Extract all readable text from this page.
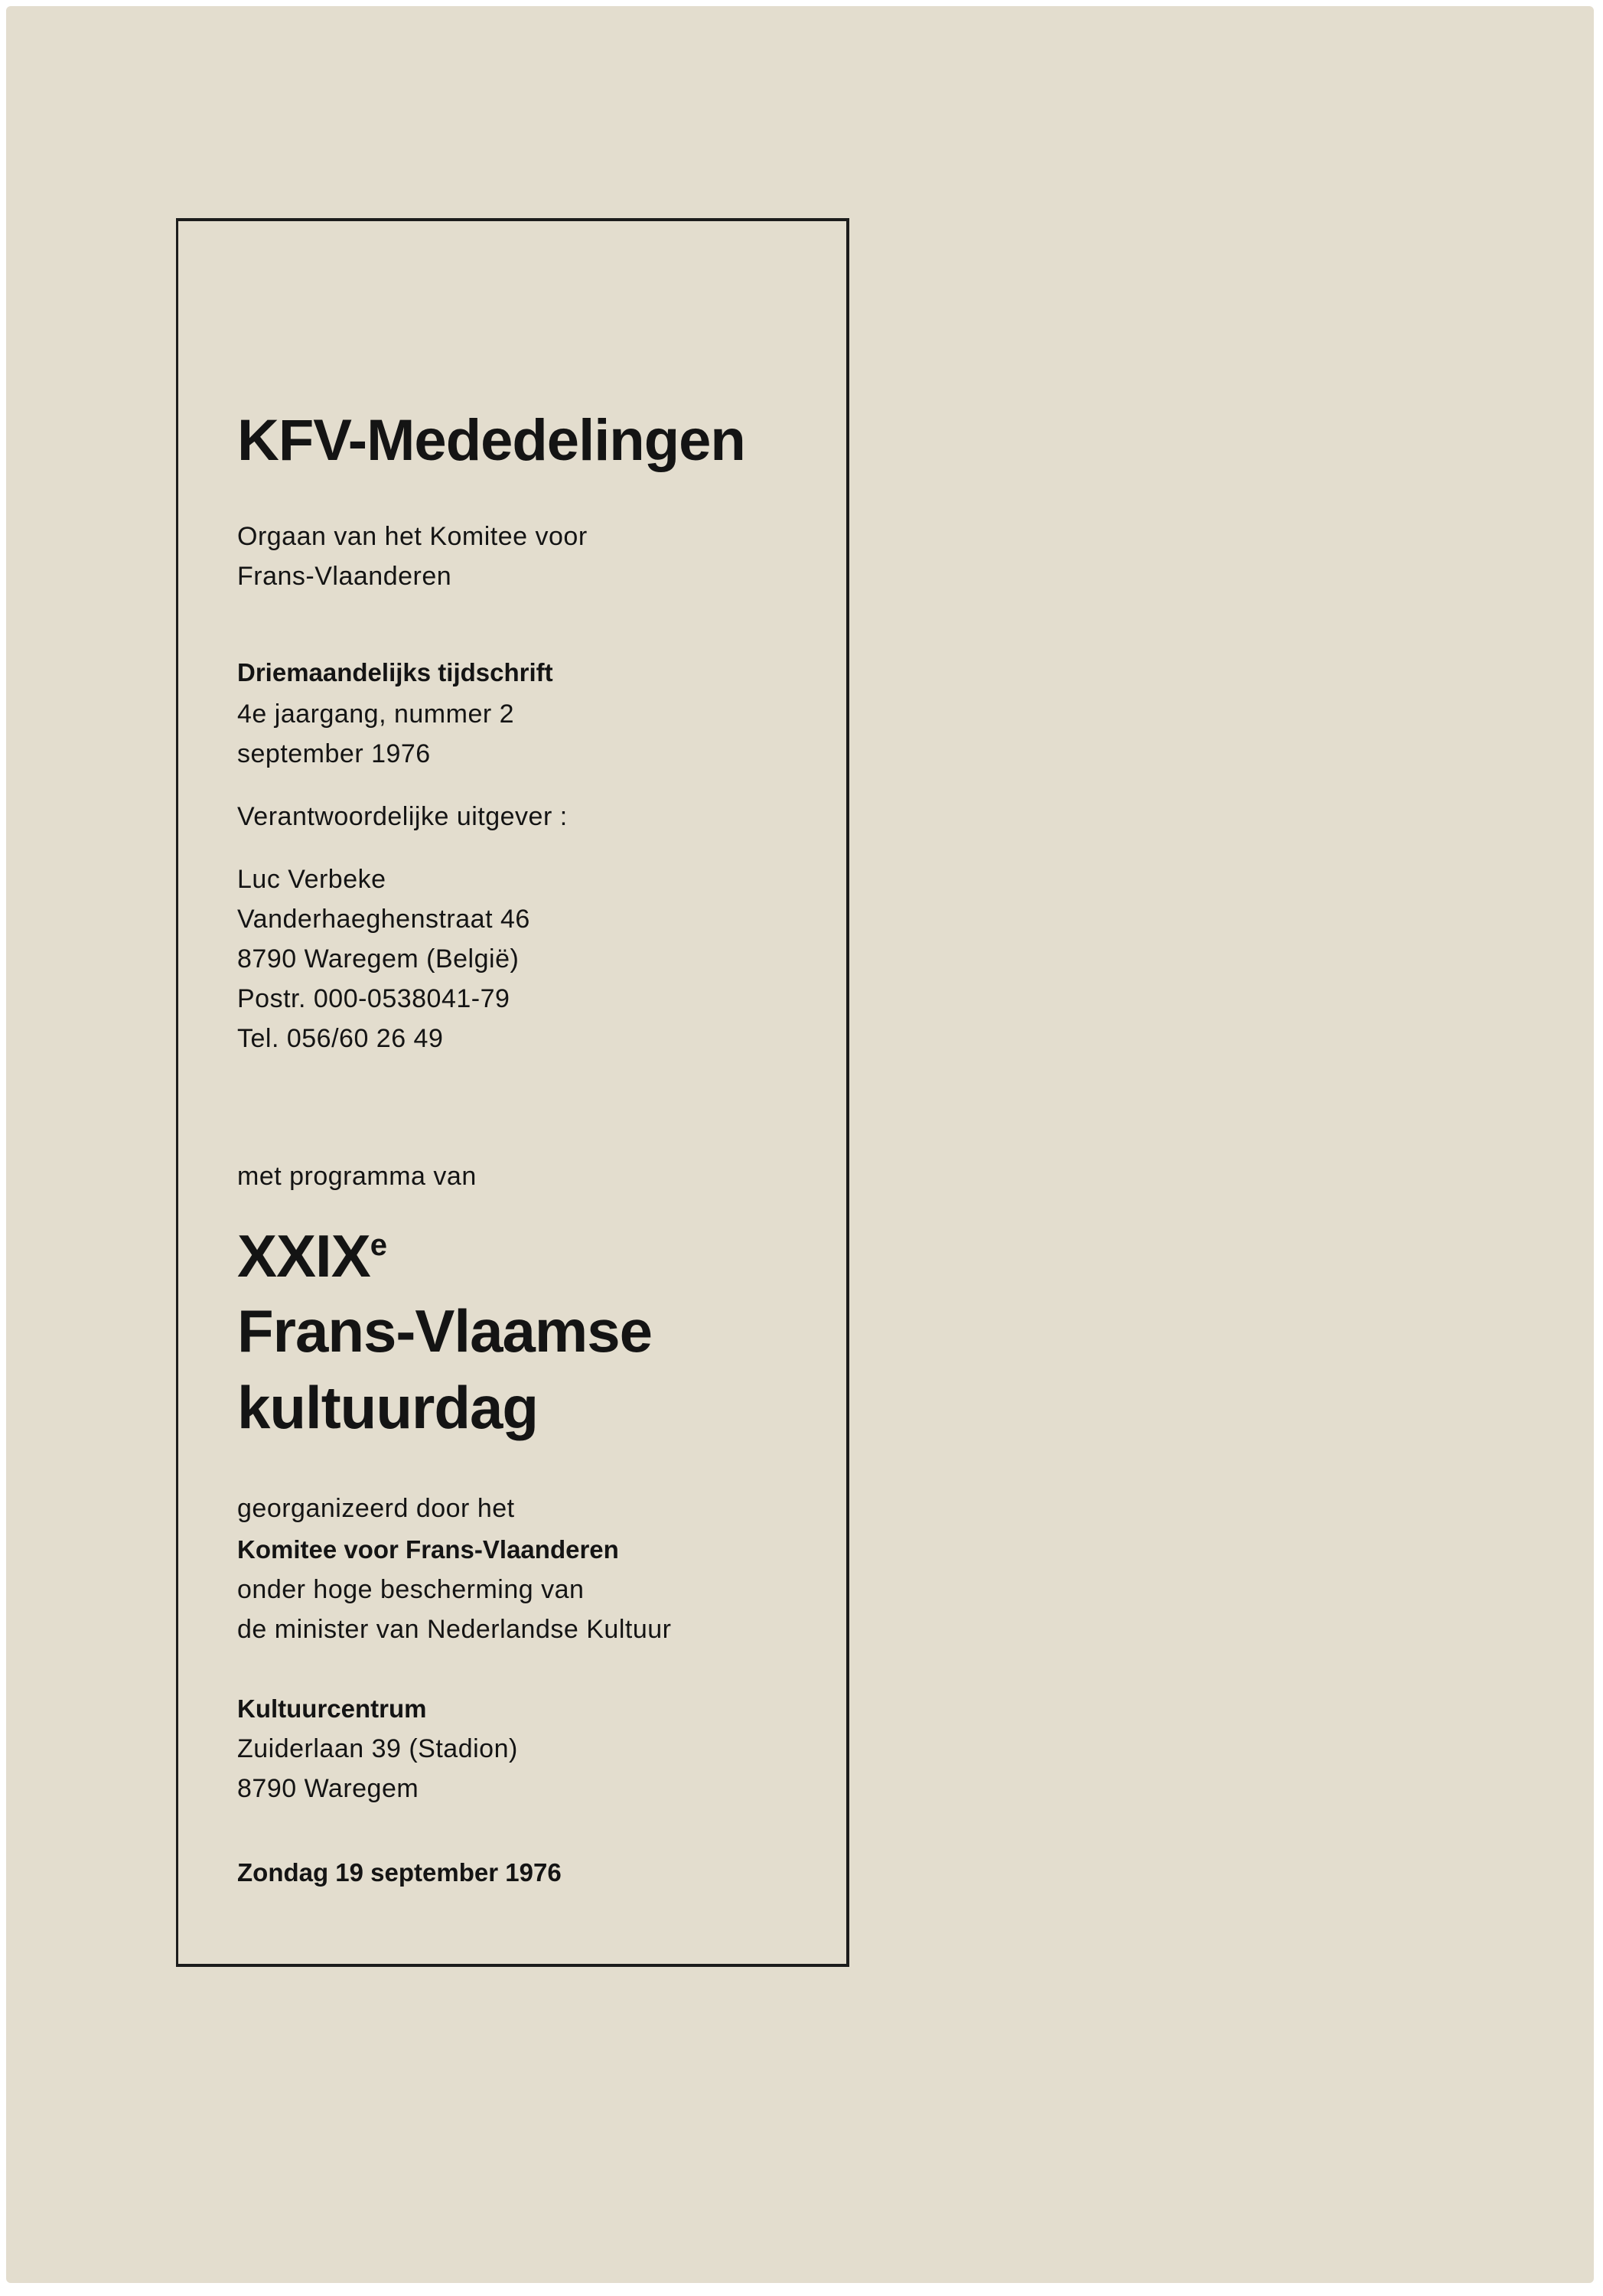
KFV-Mededelingen

Orgaan van het Komitee voor

Frans-Vlaanderen

Driemaandelijks tijdschrift

4e jaargang, nummer 2

september 1976

Verantwoordelijke uitgever :

Luc Verbeke

Vanderhaeghenstraat 46

8790 Waregem (België)

Postr. 000-0538041-79

Tel. 056/60 26 49

met programma van

XXIXe

Frans-Vlaamse

kultuurdag

georganizeerd door het

Komitee voor Frans-Vlaanderen

onder hoge bescherming van

de minister van Nederlandse Kultuur

Kultuurcentrum

Zuiderlaan 39 (Stadion)

8790 Waregem

Zondag 19 september 1976
